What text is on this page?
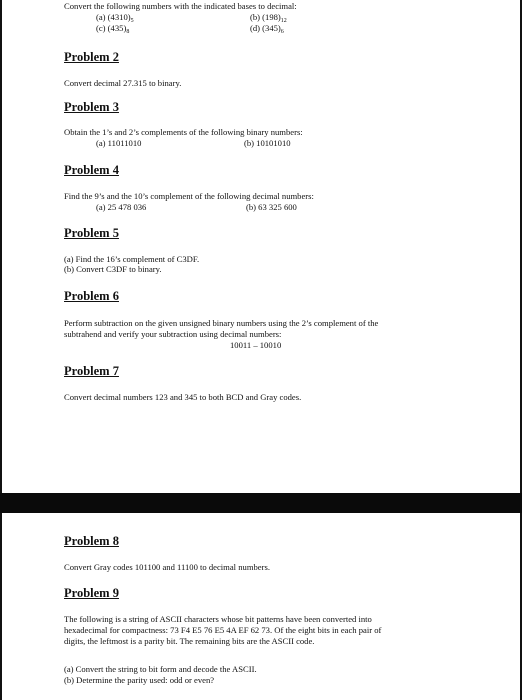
Convert the following numbers with the indicated bases to decimal:
(a) $(4310)_5$	(b) $(198)_{12}$
(c) $(435)_8$	(d) $(345)_6$
Problem 2
Convert decimal 27.315 to binary.
Problem 3
Obtain the 1’s and 2’s complements of the following binary numbers:
(a) 11011010	(b) 10101010
Problem 4
Find the 9’s and the 10’s complement of the following decimal numbers:
(a) 25 478 036	(b) 63 325 600
Problem 5
(a) Find the 16’s complement of C3DF.
(b) Convert C3DF to binary.
Problem 6
Perform subtraction on the given unsigned binary numbers using the 2’s complement of the
subtrahend and verify your subtraction using decimal numbers:
10011 – 10010
Problem 7
Convert decimal numbers 123 and 345 to both BCD and Gray codes.
Problem 8
Convert Gray codes 101100 and 11100 to decimal numbers.
Problem 9
The following is a string of ASCII characters whose bit patterns have been converted into
hexadecimal for compactness: 73 F4 E5 76 E5 4A EF 62 73. Of the eight bits in each pair of
digits, the leftmost is a parity bit. The remaining bits are the ASCII code.
(a) Convert the string to bit form and decode the ASCII.
(b) Determine the parity used: odd or even?
